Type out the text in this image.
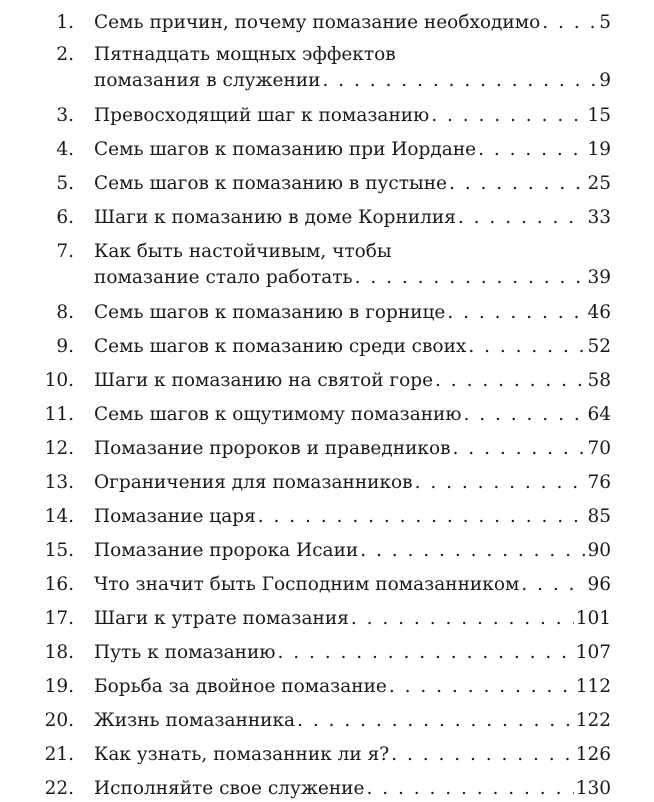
1. Семь причин, почему помазание необходимо . . .	5
2. Пятнадцать мощных эффектов
помазания в служении . . .	9
3. Превосходящий шаг к помазанию . . .	15
4. Семь шагов к помазанию при Иордане . . .	19
5. Семь шагов к помазанию в пустыне . . .	25
6. Шаги к помазанию в доме Корнилия . . .	33
7. Как быть настойчивым, чтобы
помазание стало работать . . .	39
8. Семь шагов к помазанию в горнице . . .	46
9. Семь шагов к помазанию среди своих . . .	52
10. Шаги к помазанию на святой горе . . .	58
11. Семь шагов к ощутимому помазанию . . .	64
12. Помазание пророков и праведников . . .	70
13. Ограничения для помазанников . . .	76
14. Помазание царя . . .	85
15. Помазание пророка Исаии . . .	90
16. Что значит быть Господним помазанником . . .	96
17. Шаги к утрате помазания . . .	101
18. Путь к помазанию . . .	107
19. Борьба за двойное помазание . . .	112
20. Жизнь помазанника . . .	122
21. Как узнать, помазанник ли я? . . .	126
22. Исполняйте свое служение . . .	130
